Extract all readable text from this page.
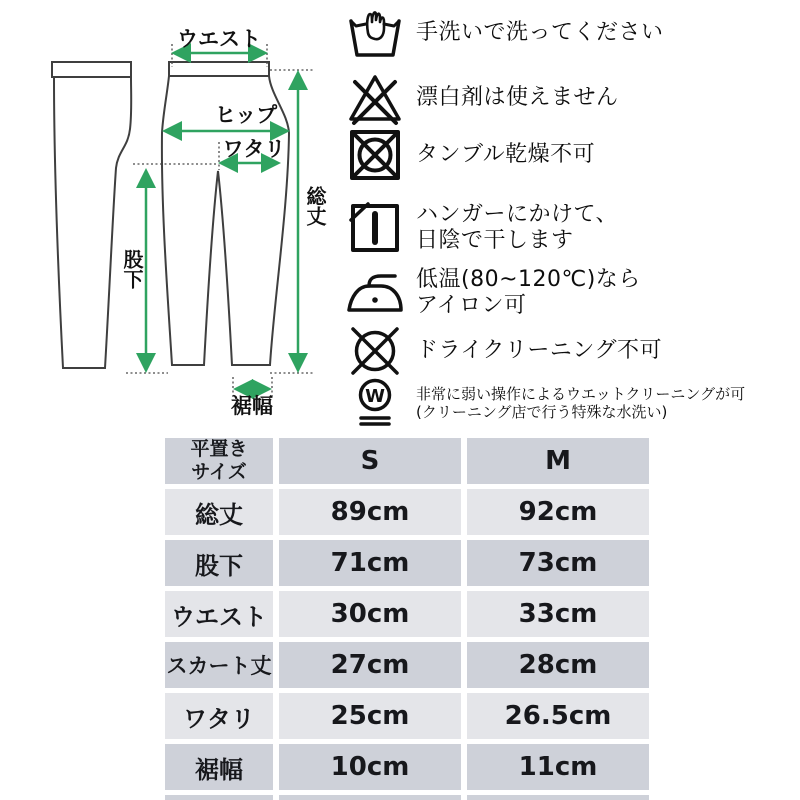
ウエスト
ヒップ
ワタリ
股下
総丈
裾幅
手洗いで洗ってください
漂白剤は使えません
タンブル乾燥不可
ハンガーにかけて、
日陰で干します
低温(80~120℃)なら
アイロン可
ドライクリーニング不可
W 非常に弱い操作によるウエットクリーニングが可
(クリーニング店で行う特殊な水洗い)
平置き
サイズ	S	M
総丈	89cm	92cm
股下	71cm	73cm
ウエスト	30cm	33cm
スカート丈	27cm	28cm
ワタリ	25cm	26.5cm
裾幅	10cm	11cm
